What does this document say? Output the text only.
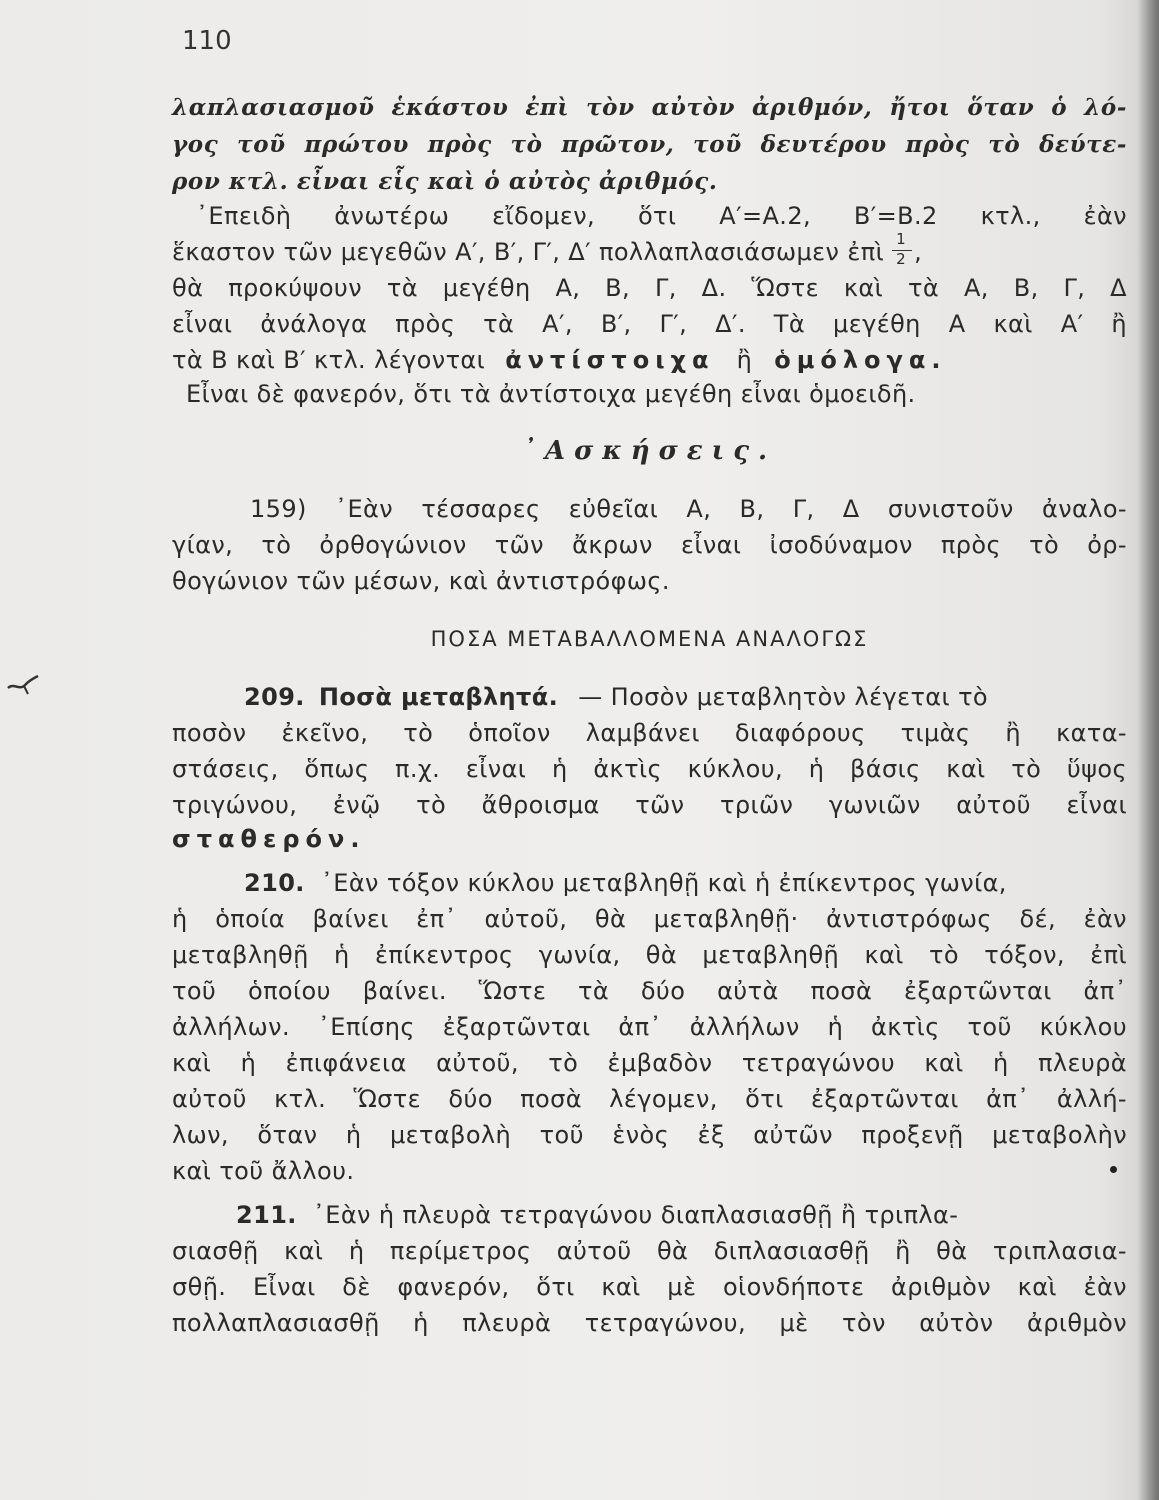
110
λαπλασιασμοῦ ἑκάστου ἐπὶ τὸν αὐτὸν ἀριθμόν, ἤτοι ὅταν ὁ λό-
γος τοῦ πρώτου πρὸς τὸ πρῶτον, τοῦ δευτέρου πρὸς τὸ δεύτε-
ρον κτλ. εἶναι εἷς καὶ ὁ αὐτὸς ἀριθμός.
᾿Επειδὴ ἀνωτέρω εἴδομεν, ὅτι Α′=Α.2, Β′=Β.2 κτλ., ἐὰν
ἕκαστον τῶν μεγεθῶν Α′, Β′, Γ′, Δ′ πολλαπλασιάσωμεν ἐπὶ $\frac{1}{2}$ ,
θὰ προκύψουν τὰ μεγέθη Α, Β, Γ, Δ. Ὥστε καὶ τὰ Α, Β, Γ, Δ
εἶναι ἀνάλογα πρὸς τὰ Α′, Β′, Γ′, Δ′. Τὰ μεγέθη Α καὶ Α′ ἢ
τὰ Β καὶ Β′ κτλ. λέγονται ἀντίστοιχα ἢ ὁμόλογα.
Εἶναι δὲ φανερόν, ὅτι τὰ ἀντίστοιχα μεγέθη εἶναι ὁμοειδῆ.
᾿Ασκήσεις.
159) ᾿Εὰν τέσσαρες εὐθεῖαι Α, Β, Γ, Δ συνιστοῦν ἀναλο-
γίαν, τὸ ὀρθογώνιον τῶν ἄκρων εἶναι ἰσοδύναμον πρὸς τὸ ὀρ-
θογώνιον τῶν μέσων, καὶ ἀντιστρόφως.
ΠΟΣΑ ΜΕΤΑΒΑΛΛΟΜΕΝΑ ΑΝΑΛΟΓΩΣ
209. Ποσὰ μεταβλητά. — Ποσὸν μεταβλητὸν λέγεται τὸ
ποσὸν ἐκεῖνο, τὸ ὁποῖον λαμβάνει διαφόρους τιμὰς ἢ κατα-
στάσεις, ὅπως π.χ. εἶναι ἡ ἀκτὶς κύκλου, ἡ βάσις καὶ τὸ ὕψος
τριγώνου, ἐνῷ τὸ ἄθροισμα τῶν τριῶν γωνιῶν αὐτοῦ εἶναι
σταθερόν.
210. ᾿Εὰν τόξον κύκλου μεταβληθῇ καὶ ἡ ἐπίκεντρος γωνία,
ἡ ὁποία βαίνει ἐπ᾿ αὐτοῦ, θὰ μεταβληθῇ· ἀντιστρόφως δέ, ἐὰν
μεταβληθῇ ἡ ἐπίκεντρος γωνία, θὰ μεταβληθῇ καὶ τὸ τόξον, ἐπὶ
τοῦ ὁποίου βαίνει. Ὥστε τὰ δύο αὐτὰ ποσὰ ἐξαρτῶνται ἀπ᾿
ἀλλήλων. ᾿Επίσης ἐξαρτῶνται ἀπ᾿ ἀλλήλων ἡ ἀκτὶς τοῦ κύκλου
καὶ ἡ ἐπιφάνεια αὐτοῦ, τὸ ἐμβαδὸν τετραγώνου καὶ ἡ πλευρὰ
αὐτοῦ κτλ. Ὥστε δύο ποσὰ λέγομεν, ὅτι ἐξαρτῶνται ἀπ᾿ ἀλλή-
λων, ὅταν ἡ μεταβολὴ τοῦ ἑνὸς ἐξ αὐτῶν προξενῇ μεταβολὴν
καὶ τοῦ ἄλλου.
211. ᾿Εὰν ἡ πλευρὰ τετραγώνου διαπλασιασθῇ ἢ τριπλα-
σιασθῇ καὶ ἡ περίμετρος αὐτοῦ θὰ διπλασιασθῇ ἢ θὰ τριπλασια-
σθῇ. Εἶναι δὲ φανερόν, ὅτι καὶ μὲ οἱονδήποτε ἀριθμὸν καὶ ἐὰν
πολλαπλασιασθῇ ἡ πλευρὰ τετραγώνου, μὲ τὸν αὐτὸν ἀριθμὸν
